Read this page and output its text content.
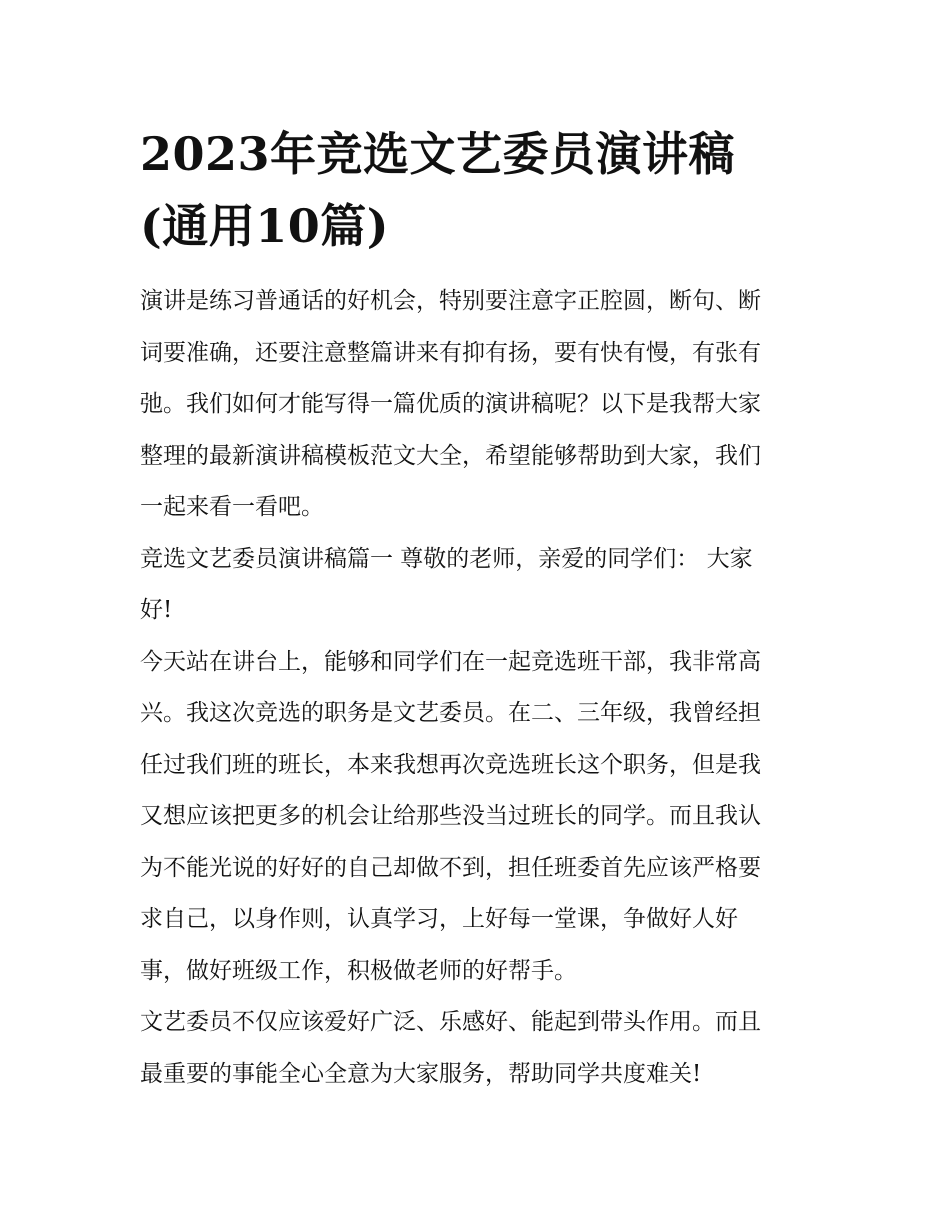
2023年竞选文艺委员演讲稿
(通用10篇)

演讲是练习普通话的好机会，特别要注意字正腔圆，断句、断
词要准确，还要注意整篇讲来有抑有扬，要有快有慢，有张有
弛。我们如何才能写得一篇优质的演讲稿呢？以下是我帮大家
整理的最新演讲稿模板范文大全，希望能够帮助到大家，我们
一起来看一看吧。

竞选文艺委员演讲稿篇一 尊敬的老师，亲爱的同学们： 大家
好!

今天站在讲台上，能够和同学们在一起竞选班干部，我非常高
兴。我这次竞选的职务是文艺委员。在二、三年级，我曾经担
任过我们班的班长，本来我想再次竞选班长这个职务，但是我
又想应该把更多的机会让给那些没当过班长的同学。而且我认
为不能光说的好好的自己却做不到，担任班委首先应该严格要
求自己，以身作则，认真学习，上好每一堂课，争做好人好
事，做好班级工作，积极做老师的好帮手。

文艺委员不仅应该爱好广泛、乐感好、能起到带头作用。而且
最重要的事能全心全意为大家服务，帮助同学共度难关!
